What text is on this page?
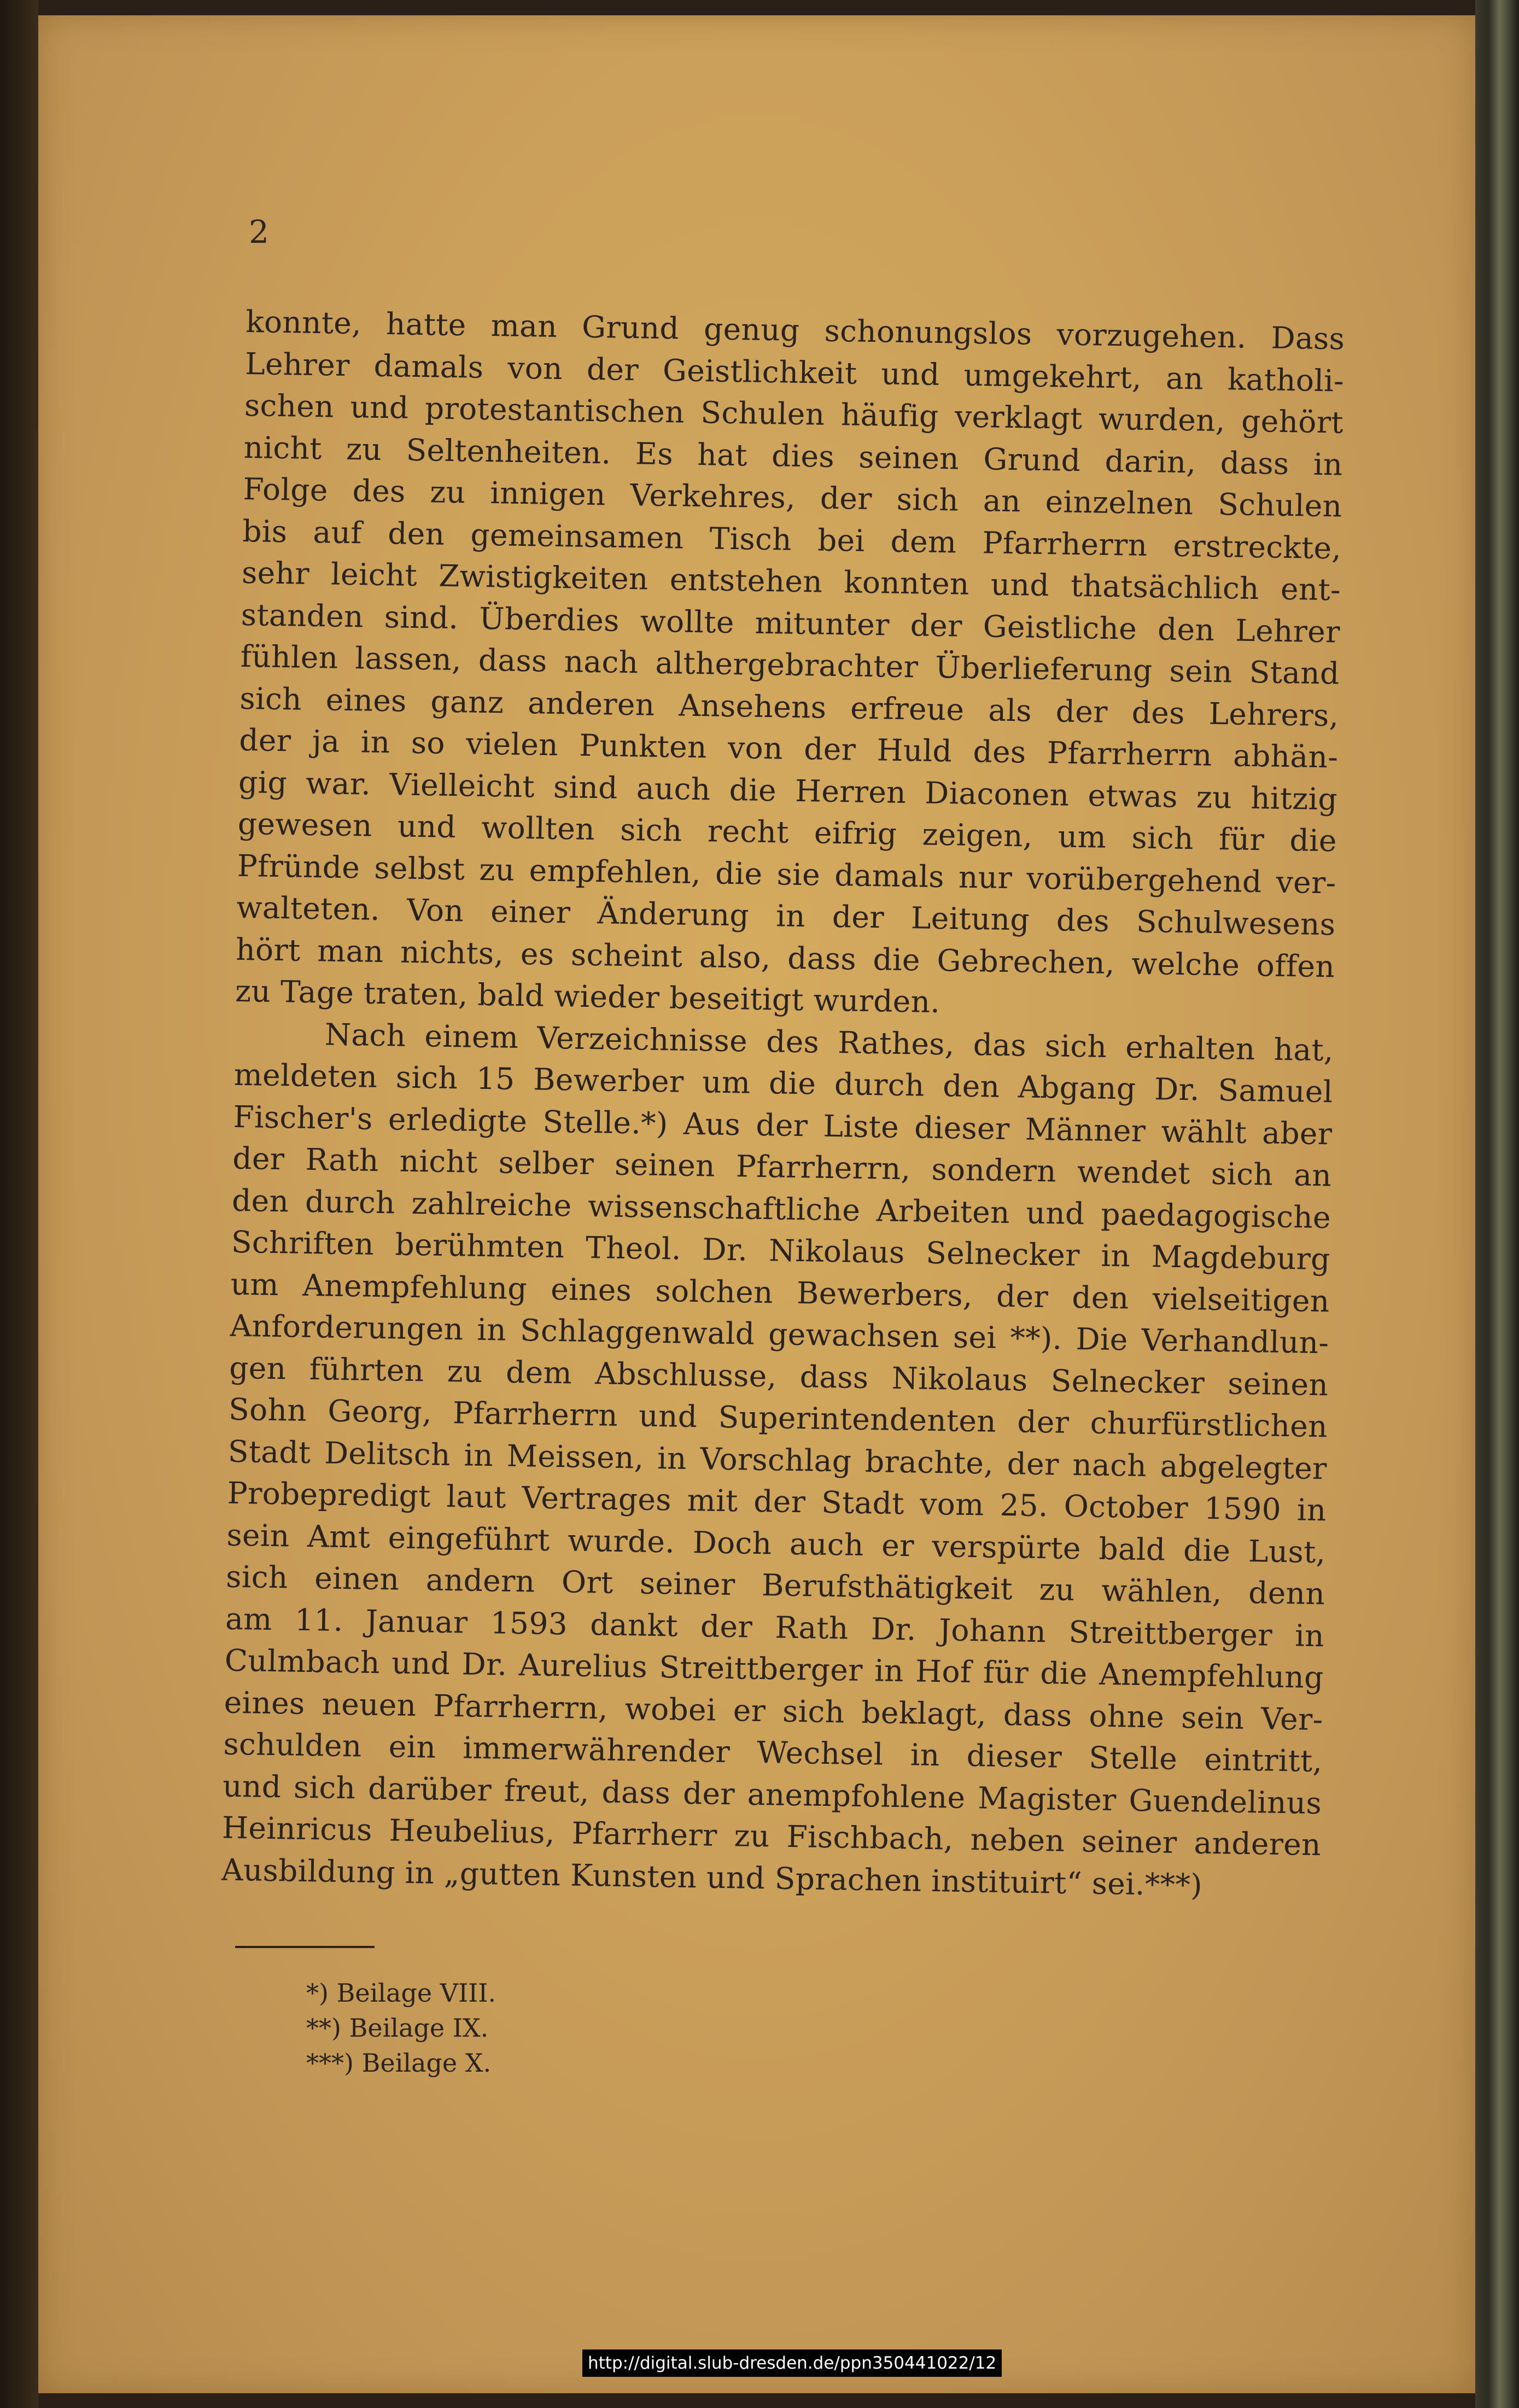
2
konnte, hatte man Grund genug schonungslos vorzugehen. Dass
Lehrer damals von der Geistlichkeit und umgekehrt, an katholi-
schen und protestantischen Schulen häufig verklagt wurden, gehört
nicht zu Seltenheiten. Es hat dies seinen Grund darin, dass in
Folge des zu innigen Verkehres, der sich an einzelnen Schulen
bis auf den gemeinsamen Tisch bei dem Pfarrherrn erstreckte,
sehr leicht Zwistigkeiten entstehen konnten und thatsächlich ent-
standen sind. Überdies wollte mitunter der Geistliche den Lehrer
fühlen lassen, dass nach althergebrachter Überlieferung sein Stand
sich eines ganz anderen Ansehens erfreue als der des Lehrers,
der ja in so vielen Punkten von der Huld des Pfarrherrn abhän-
gig war. Vielleicht sind auch die Herren Diaconen etwas zu hitzig
gewesen und wollten sich recht eifrig zeigen, um sich für die
Pfründe selbst zu empfehlen, die sie damals nur vorübergehend ver-
walteten. Von einer Änderung in der Leitung des Schulwesens
hört man nichts, es scheint also, dass die Gebrechen, welche offen
zu Tage traten, bald wieder beseitigt wurden.
Nach einem Verzeichnisse des Rathes, das sich erhalten hat,
meldeten sich 15 Bewerber um die durch den Abgang Dr. Samuel
Fischer's erledigte Stelle.*) Aus der Liste dieser Männer wählt aber
der Rath nicht selber seinen Pfarrherrn, sondern wendet sich an
den durch zahlreiche wissenschaftliche Arbeiten und paedagogische
Schriften berühmten Theol. Dr. Nikolaus Selnecker in Magdeburg
um Anempfehlung eines solchen Bewerbers, der den vielseitigen
Anforderungen in Schlaggenwald gewachsen sei **). Die Verhandlun-
gen führten zu dem Abschlusse, dass Nikolaus Selnecker seinen
Sohn Georg, Pfarrherrn und Superintendenten der churfürstlichen
Stadt Delitsch in Meissen, in Vorschlag brachte, der nach abgelegter
Probepredigt laut Vertrages mit der Stadt vom 25. October 1590 in
sein Amt eingeführt wurde. Doch auch er verspürte bald die Lust,
sich einen andern Ort seiner Berufsthätigkeit zu wählen, denn
am 11. Januar 1593 dankt der Rath Dr. Johann Streittberger in
Culmbach und Dr. Aurelius Streittberger in Hof für die Anempfehlung
eines neuen Pfarrherrn, wobei er sich beklagt, dass ohne sein Ver-
schulden ein immerwährender Wechsel in dieser Stelle eintritt,
und sich darüber freut, dass der anempfohlene Magister Guendelinus
Heinricus Heubelius, Pfarrherr zu Fischbach, neben seiner anderen
Ausbildung in „gutten Kunsten und Sprachen instituirt“ sei.***)
*) Beilage VIII.
**) Beilage IX.
***) Beilage X.
http://digital.slub-dresden.de/ppn350441022/12
